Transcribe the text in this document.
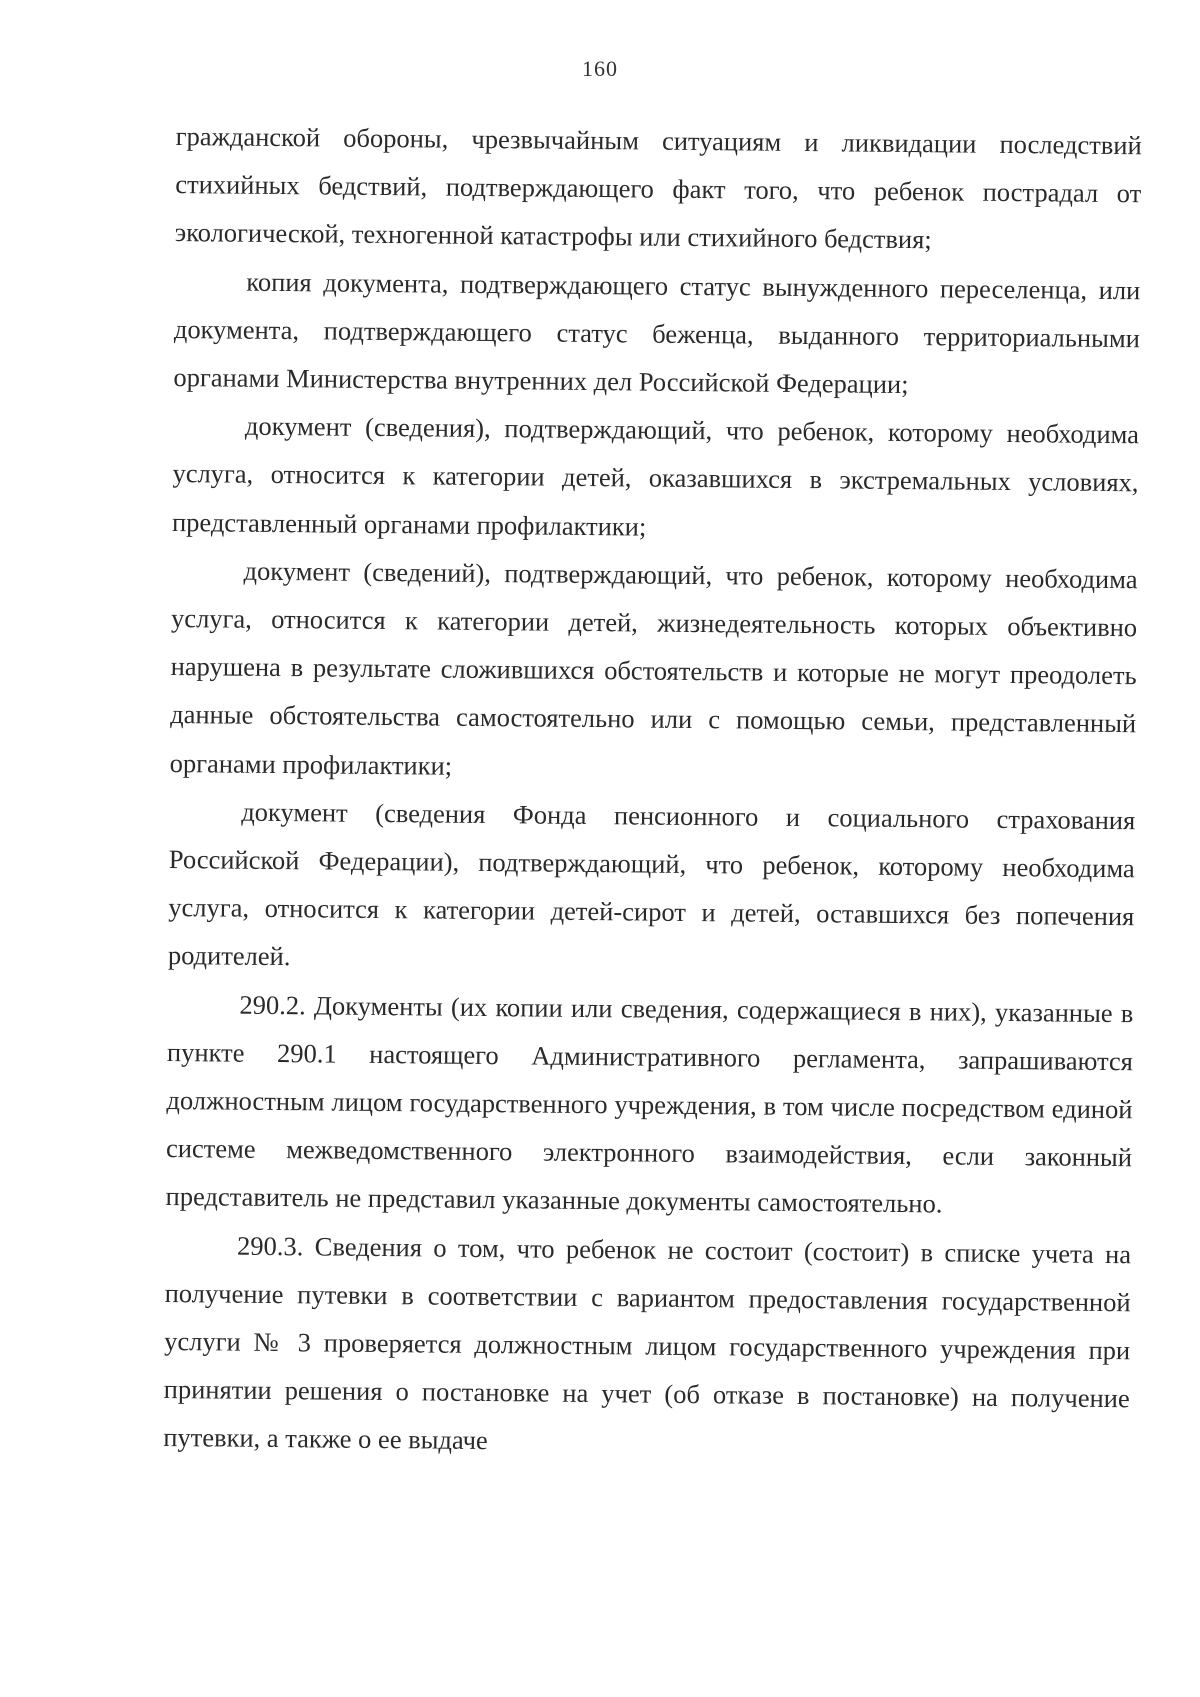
160

гражданской обороны, чрезвычайным ситуациям и ликвидации последствий стихийных бедствий, подтверждающего факт того, что ребенок пострадал от экологической, техногенной катастрофы или стихийного бедствия;

копия документа, подтверждающего статус вынужденного переселенца, или документа, подтверждающего статус беженца, выданного территориальными органами Министерства внутренних дел Российской Федерации;

документ (сведения), подтверждающий, что ребенок, которому необходима услуга, относится к категории детей, оказавшихся в экстремальных условиях, представленный органами профилактики;

документ (сведений), подтверждающий, что ребенок, которому необходима услуга, относится к категории детей, жизнедеятельность которых объективно нарушена в результате сложившихся обстоятельств и которые не могут преодолеть данные обстоятельства самостоятельно или с помощью семьи, представленный органами профилактики;

документ (сведения Фонда пенсионного и социального страхования Российской Федерации), подтверждающий, что ребенок, которому необходима услуга, относится к категории детей-сирот и детей, оставшихся без попечения родителей.

290.2. Документы (их копии или сведения, содержащиеся в них), указанные в пункте 290.1 настоящего Административного регламента, запрашиваются должностным лицом государственного учреждения, в том числе посредством единой системе межведомственного электронного взаимодействия, если законный представитель не представил указанные документы самостоятельно.

290.3. Сведения о том, что ребенок не состоит (состоит) в списке учета на получение путевки в соответствии с вариантом предоставления государственной услуги № 3 проверяется должностным лицом государственного учреждения при принятии решения о постановке на учет (об отказе в постановке) на получение путевки, а также о ее выдаче
